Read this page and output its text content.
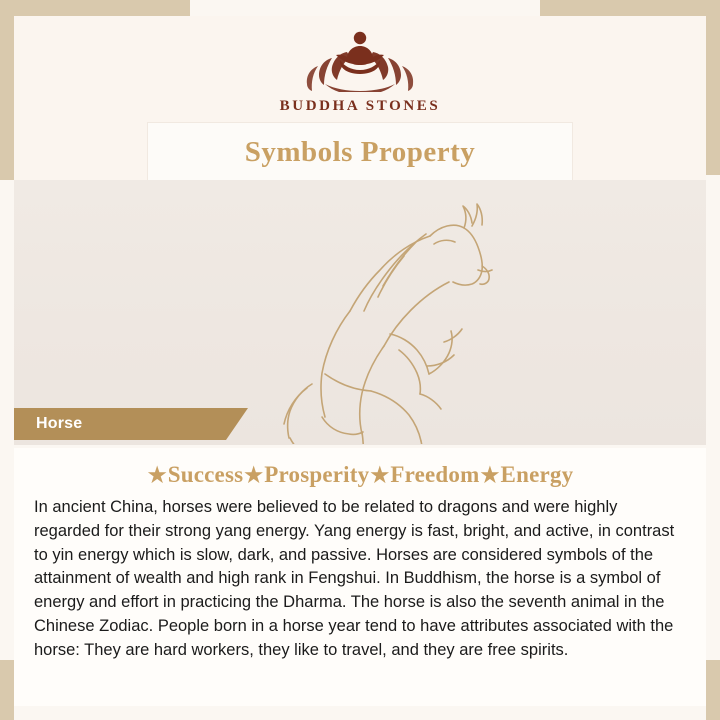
BUDDHA STONES
Symbols Property
Horse
★Success★Prosperity★Freedom★Energy
In ancient China, horses were believed to be related to dragons and were highly regarded for their strong yang energy. Yang energy is fast, bright, and active, in contrast to yin energy which is slow, dark, and passive. Horses are considered symbols of the attainment of wealth and high rank in Fengshui. In Buddhism, the horse is a symbol of energy and effort in practicing the Dharma. The horse is also the seventh animal in the Chinese Zodiac. People born in a horse year tend to have attributes associated with the horse: They are hard workers, they like to travel, and they are free spirits.
